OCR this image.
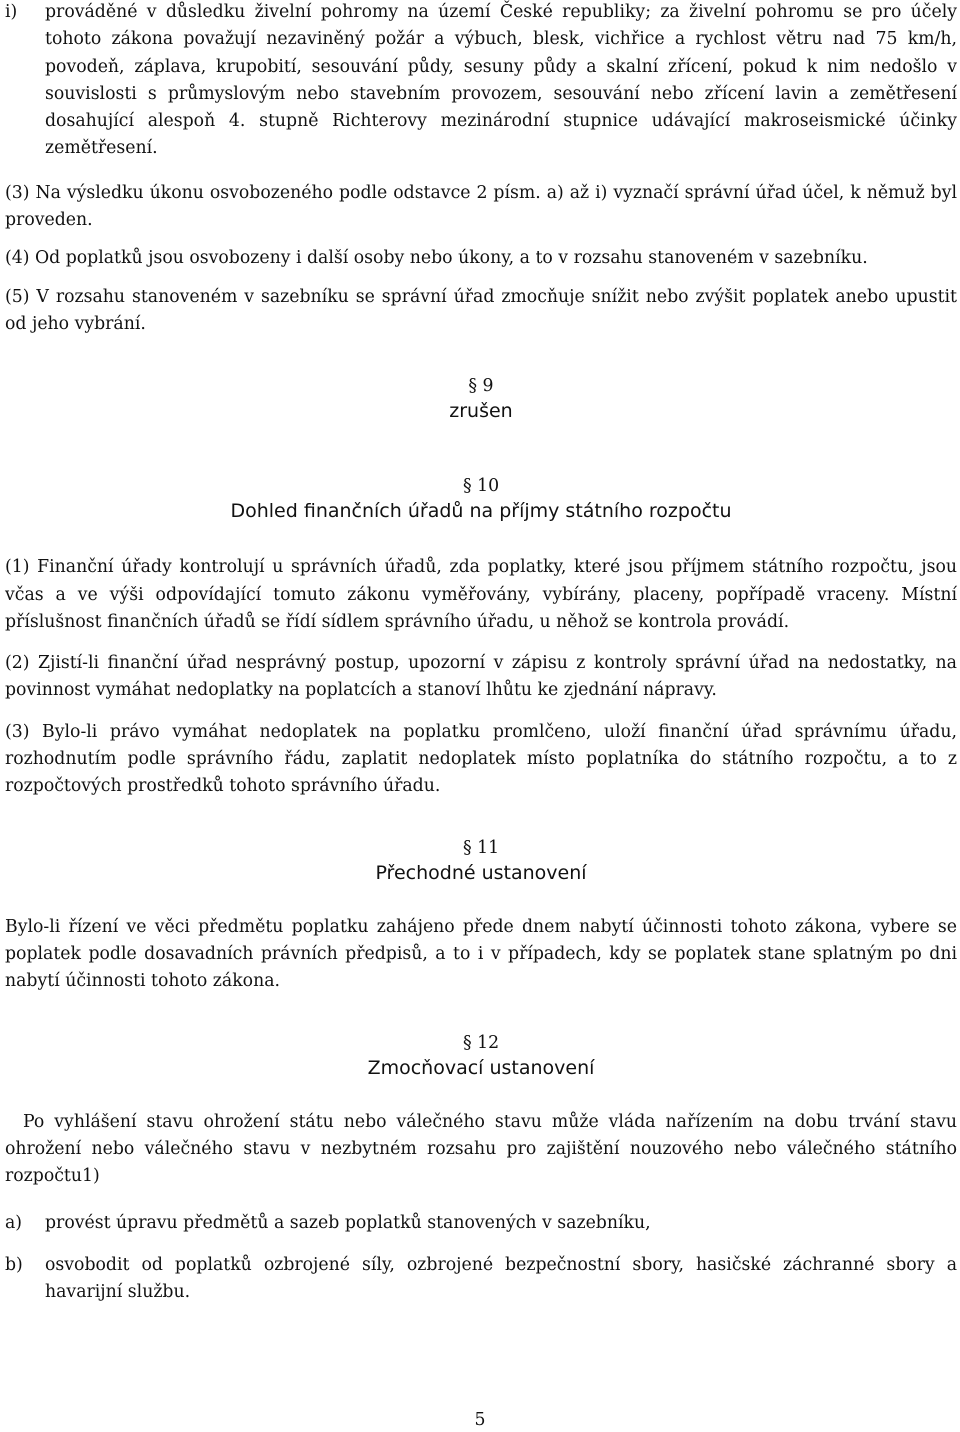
i)	prováděné v důsledku živelní pohromy na území České republiky; za živelní pohromu se pro účely tohoto zákona považují nezaviněný požár a výbuch, blesk, vichřice a rychlost větru nad 75 km/h, povodeň, záplava, krupobití, sesouvání půdy, sesuny půdy a skalní zřícení, pokud k nim nedošlo v souvislosti s průmyslovým nebo stavebním provozem, sesouvání nebo zřícení lavin a zemětřesení dosahující alespoň 4. stupně Richterovy mezinárodní stupnice udávající makroseismické účinky zemětřesení.

(3) Na výsledku úkonu osvobozeného podle odstavce 2 písm. a) až i) vyznačí správní úřad účel, k němuž byl proveden.

(4) Od poplatků jsou osvobozeny i další osoby nebo úkony, a to v rozsahu stanoveném v sazebníku.

(5) V rozsahu stanoveném v sazebníku se správní úřad zmocňuje snížit nebo zvýšit poplatek anebo upustit od jeho vybrání.

§ 9
zrušen
§ 10
Dohled finančních úřadů na příjmy státního rozpočtu

(1) Finanční úřady kontrolují u správních úřadů, zda poplatky, které jsou příjmem státního rozpočtu, jsou včas a ve výši odpovídající tomuto zákonu vyměřovány, vybírány, placeny, popřípadě vraceny. Místní příslušnost finančních úřadů se řídí sídlem správního úřadu, u něhož se kontrola provádí.

(2) Zjistí-li finanční úřad nesprávný postup, upozorní v zápisu z kontroly správní úřad na nedostatky, na povinnost vymáhat nedoplatky na poplatcích a stanoví lhůtu ke zjednání nápravy.

(3) Bylo-li právo vymáhat nedoplatek na poplatku promlčeno, uloží finanční úřad správnímu úřadu, rozhodnutím podle správního řádu, zaplatit nedoplatek místo poplatníka do státního rozpočtu, a to z rozpočtových prostředků tohoto správního úřadu.

§ 11
Přechodné ustanovení

Bylo-li řízení ve věci předmětu poplatku zahájeno přede dnem nabytí účinnosti tohoto zákona, vybere se poplatek podle dosavadních právních předpisů, a to i v případech, kdy se poplatek stane splatným po dni nabytí účinnosti tohoto zákona.

§ 12
Zmocňovací ustanovení

Po vyhlášení stavu ohrožení státu nebo válečného stavu může vláda nařízením na dobu trvání stavu ohrožení nebo válečného stavu v nezbytném rozsahu pro zajištění nouzového nebo válečného státního rozpočtu1)

a)	provést úpravu předmětů a sazeb poplatků stanovených v sazebníku,
b)	osvobodit od poplatků ozbrojené síly, ozbrojené bezpečnostní sbory, hasičské záchranné sbory a havarijní službu.
5
